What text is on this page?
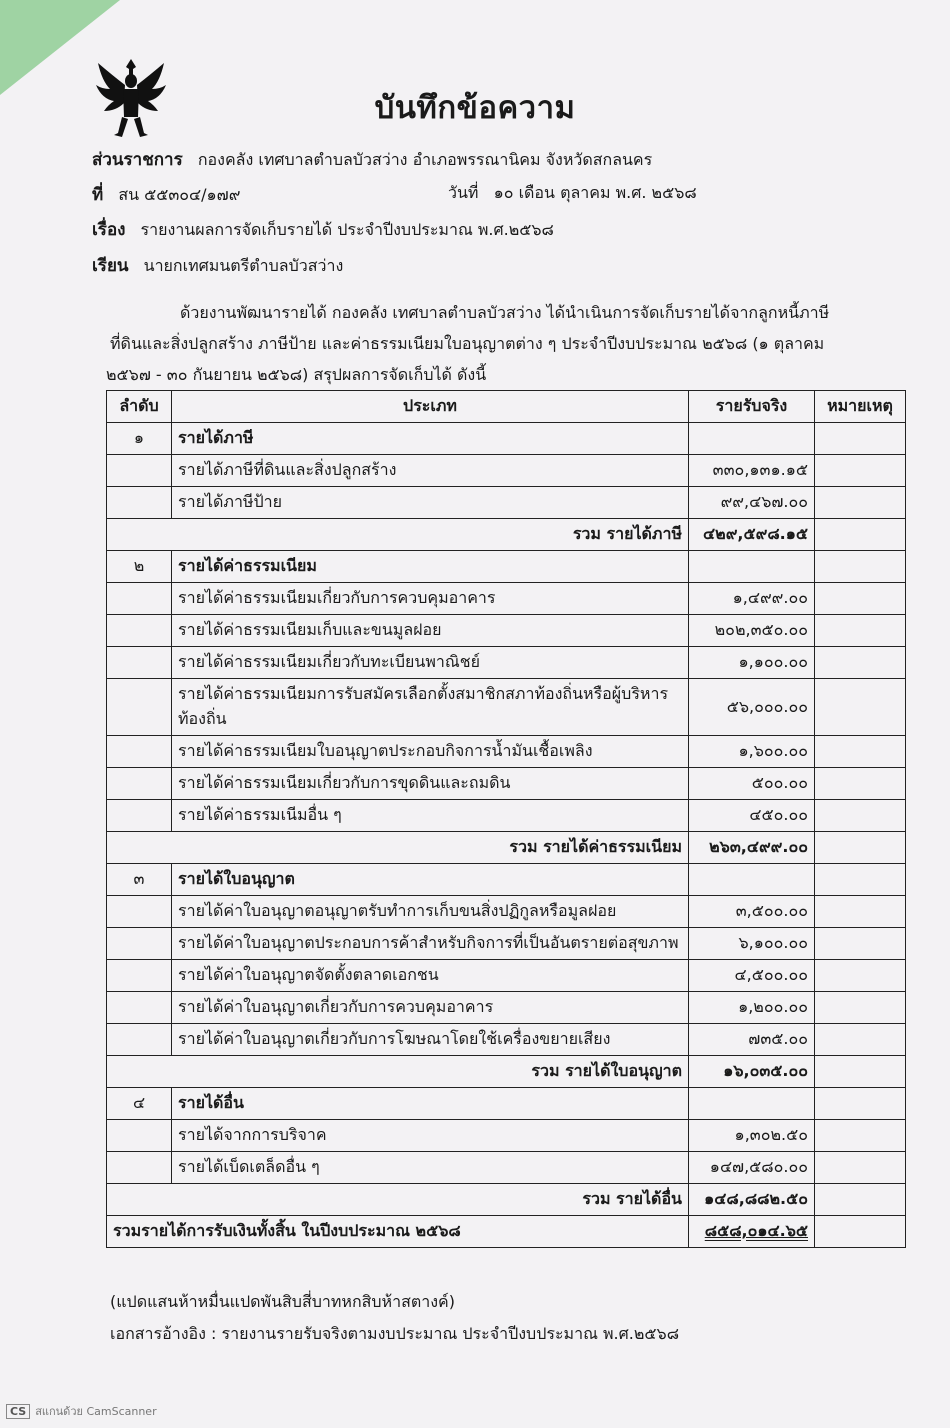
บันทึกข้อความ
ส่วนราชการ กองคลัง เทศบาลตำบลบัวสว่าง อำเภอพรรณานิคม จังหวัดสกลนคร
ที่ สน ๕๕๓๐๔/๑๗๙	วันที่ ๑๐ เดือน ตุลาคม พ.ศ. ๒๕๖๘
เรื่อง รายงานผลการจัดเก็บรายได้ ประจำปีงบประมาณ พ.ศ.๒๕๖๘
เรียน นายกเทศมนตรีตำบลบัวสว่าง
ด้วยงานพัฒนารายได้ กองคลัง เทศบาลตำบลบัวสว่าง ได้นำเนินการจัดเก็บรายได้จากลูกหนี้ภาษี
ที่ดินและสิ่งปลูกสร้าง ภาษีป้าย และค่าธรรมเนียมใบอนุญาตต่าง ๆ ประจำปีงบประมาณ ๒๕๖๘ (๑ ตุลาคม
๒๕๖๗ - ๓๐ กันยายน ๒๕๖๘) สรุปผลการจัดเก็บได้ ดังนี้
ลำดับ	ประเภท	รายรับจริง	หมายเหตุ
๑	รายได้ภาษี		
	รายได้ภาษีที่ดินและสิ่งปลูกสร้าง	๓๓๐,๑๓๑.๑๕	
	รายได้ภาษีป้าย	๙๙,๔๖๗.๐๐	
รวม รายได้ภาษี		๔๒๙,๕๙๘.๑๕	
๒	รายได้ค่าธรรมเนียม		
	รายได้ค่าธรรมเนียมเกี่ยวกับการควบคุมอาคาร	๑,๔๙๙.๐๐	
	รายได้ค่าธรรมเนียมเก็บและขนมูลฝอย	๒๐๒,๓๕๐.๐๐	
	รายได้ค่าธรรมเนียมเกี่ยวกับทะเบียนพาณิชย์	๑,๑๐๐.๐๐	
	รายได้ค่าธรรมเนียมการรับสมัครเลือกตั้งสมาชิกสภาท้องถิ่นหรือผู้บริหาร ท้องถิ่น	๕๖,๐๐๐.๐๐	
	รายได้ค่าธรรมเนียมใบอนุญาตประกอบกิจการน้ำมันเชื้อเพลิง	๑,๖๐๐.๐๐	
	รายได้ค่าธรรมเนียมเกี่ยวกับการขุดดินและถมดิน	๕๐๐.๐๐	
	รายได้ค่าธรรมเนีมอื่น ๆ	๔๕๐.๐๐	
รวม รายได้ค่าธรรมเนียม		๒๖๓,๔๙๙.๐๐	
๓	รายได้ใบอนุญาต		
	รายได้ค่าใบอนุญาตอนุญาตรับทำการเก็บขนสิ่งปฏิกูลหรือมูลฝอย	๓,๕๐๐.๐๐	
	รายได้ค่าใบอนุญาตประกอบการค้าสำหรับกิจการที่เป็นอันตรายต่อสุขภาพ	๖,๑๐๐.๐๐	
	รายได้ค่าใบอนุญาตจัดตั้งตลาดเอกชน	๔,๕๐๐.๐๐	
	รายได้ค่าใบอนุญาตเกี่ยวกับการควบคุมอาคาร	๑,๒๐๐.๐๐	
	รายได้ค่าใบอนุญาตเกี่ยวกับการโฆษณาโดยใช้เครื่องขยายเสียง	๗๓๕.๐๐	
รวม รายได้ใบอนุญาต		๑๖,๐๓๕.๐๐	
๔	รายได้อื่น		
	รายได้จากการบริจาค	๑,๓๐๒.๕๐	
	รายได้เบ็ดเตล็ดอื่น ๆ	๑๔๗,๕๘๐.๐๐	
รวม รายได้อื่น		๑๔๘,๘๘๒.๕๐	
รวมรายได้การรับเงินทั้งสิ้น ในปีงบประมาณ ๒๕๖๘		๘๕๘,๐๑๔.๖๕	
(แปดแสนห้าหมื่นแปดพันสิบสี่บาทหกสิบห้าสตางค์)
เอกสารอ้างอิง : รายงานรายรับจริงตามงบประมาณ ประจำปีงบประมาณ พ.ศ.๒๕๖๘
CS สแกนด้วย CamScanner
